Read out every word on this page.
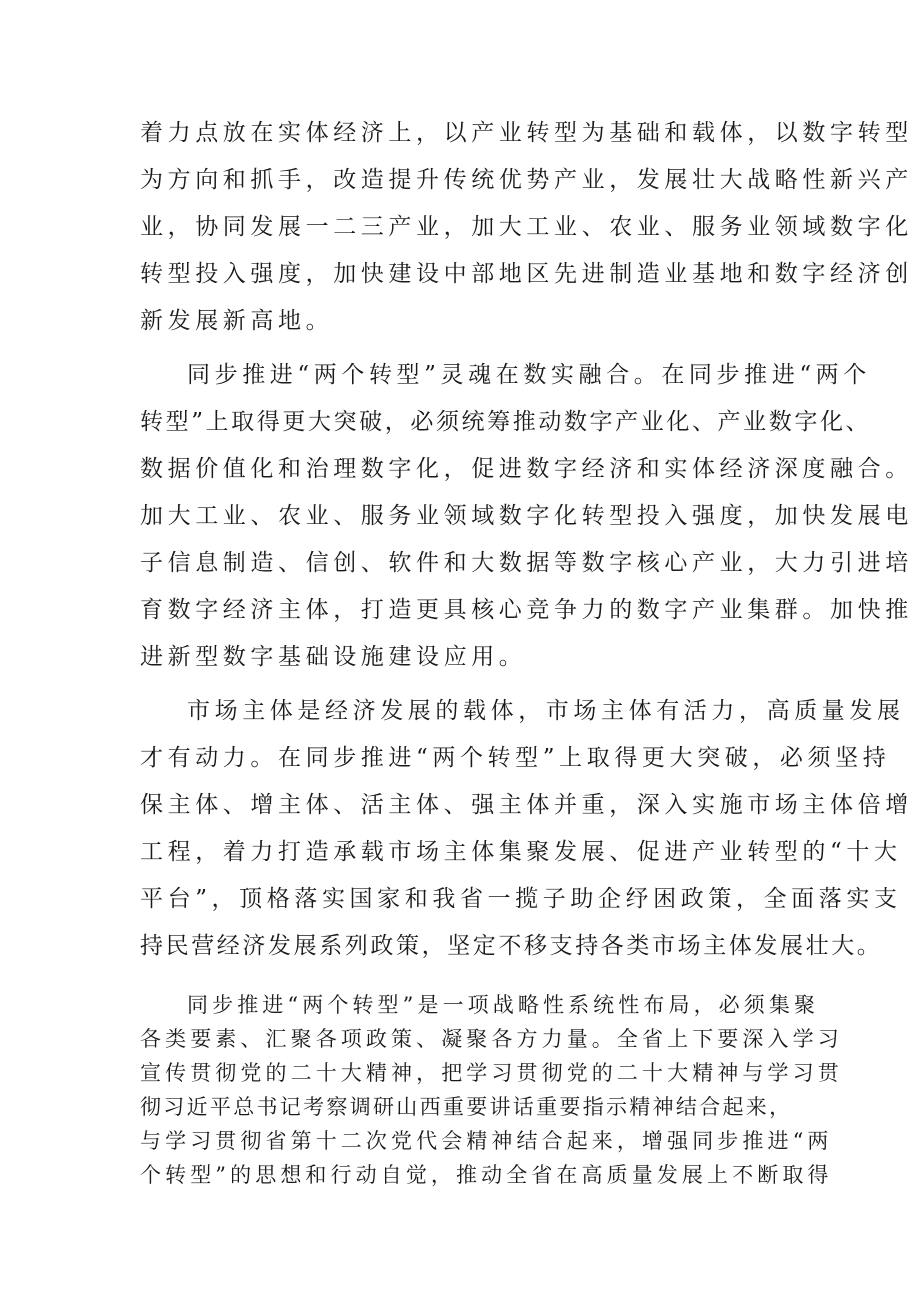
着力点放在实体经济上，以产业转型为基础和载体，以数字转型
为方向和抓手，改造提升传统优势产业，发展壮大战略性新兴产
业，协同发展一二三产业，加大工业、农业、服务业领域数字化
转型投入强度，加快建设中部地区先进制造业基地和数字经济创
新发展新高地。
同步推进“两个转型”灵魂在数实融合。在同步推进“两个
转型”上取得更大突破，必须统筹推动数字产业化、产业数字化、
数据价值化和治理数字化，促进数字经济和实体经济深度融合。
加大工业、农业、服务业领域数字化转型投入强度，加快发展电
子信息制造、信创、软件和大数据等数字核心产业，大力引进培
育数字经济主体，打造更具核心竞争力的数字产业集群。加快推
进新型数字基础设施建设应用。
市场主体是经济发展的载体，市场主体有活力，高质量发展
才有动力。在同步推进“两个转型”上取得更大突破，必须坚持
保主体、增主体、活主体、强主体并重，深入实施市场主体倍增
工程，着力打造承载市场主体集聚发展、促进产业转型的“十大
平台”，顶格落实国家和我省一揽子助企纾困政策，全面落实支
持民营经济发展系列政策，坚定不移支持各类市场主体发展壮大。
同步推进“两个转型”是一项战略性系统性布局，必须集聚
各类要素、汇聚各项政策、凝聚各方力量。全省上下要深入学习
宣传贯彻党的二十大精神，把学习贯彻党的二十大精神与学习贯
彻习近平总书记考察调研山西重要讲话重要指示精神结合起来，
与学习贯彻省第十二次党代会精神结合起来，增强同步推进“两
个转型”的思想和行动自觉，推动全省在高质量发展上不断取得
